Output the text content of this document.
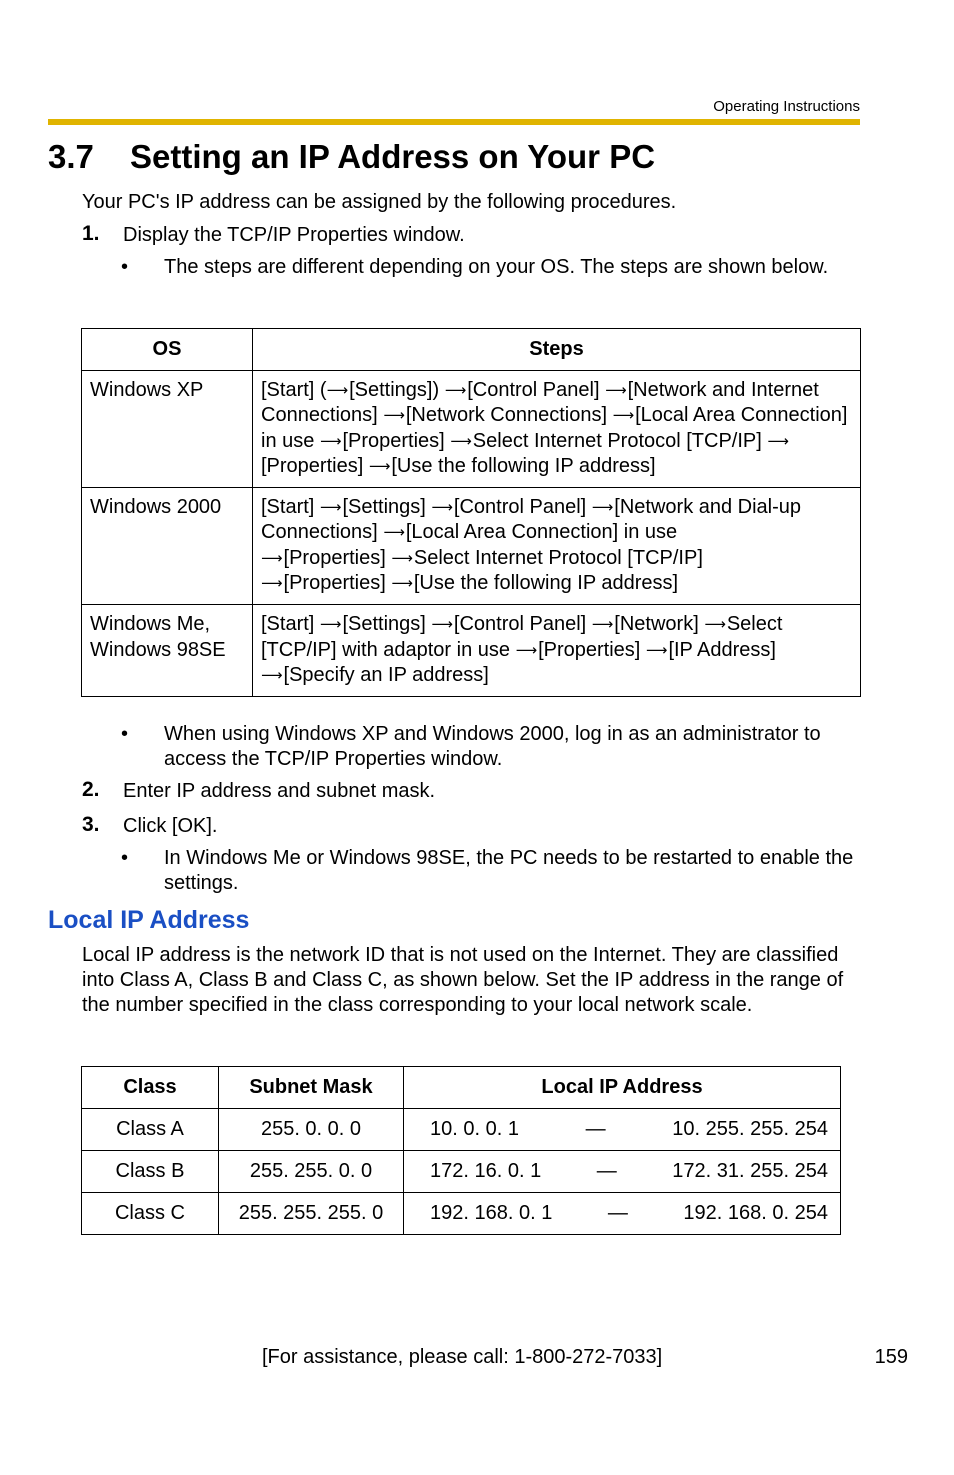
Operating Instructions
3.7 Setting an IP Address on Your PC
Your PC's IP address can be assigned by the following procedures.
1. Display the TCP/IP Properties window.
• The steps are different depending on your OS. The steps are shown below.
OS	Steps
Windows XP	[Start] (⟶[Settings]) ⟶[Control Panel] ⟶[Network and Internet Connections] ⟶[Network Connections] ⟶[Local Area Connection] in use ⟶[Properties] ⟶Select Internet Protocol [TCP/IP] ⟶[Properties] ⟶[Use the following IP address]
Windows 2000	[Start] ⟶[Settings] ⟶[Control Panel] ⟶[Network and Dial-up Connections] ⟶[Local Area Connection] in use
⟶[Properties] ⟶Select Internet Protocol [TCP/IP]
⟶[Properties] ⟶[Use the following IP address]
Windows Me,
Windows 98SE	[Start] ⟶[Settings] ⟶[Control Panel] ⟶[Network] ⟶Select [TCP/IP] with adaptor in use ⟶[Properties] ⟶[IP Address]
⟶[Specify an IP address]
• When using Windows XP and Windows 2000, log in as an administrator to access the TCP/IP Properties window.
2. Enter IP address and subnet mask.
3. Click [OK].
• In Windows Me or Windows 98SE, the PC needs to be restarted to enable the settings.
Local IP Address
Local IP address is the network ID that is not used on the Internet. They are classified into Class A, Class B and Class C, as shown below. Set the IP address in the range of the number specified in the class corresponding to your local network scale.
Class	Subnet Mask	Local IP Address
Class A	255. 0. 0. 0	10. 0. 0. 1 — 10. 255. 255. 254

Class B	255. 255. 0. 0	172. 16. 0. 1 — 172. 31. 255. 254

Class C	255. 255. 255. 0	192. 168. 0. 1 — 192. 168. 0. 254
[For assistance, please call: 1-800-272-7033]	159
